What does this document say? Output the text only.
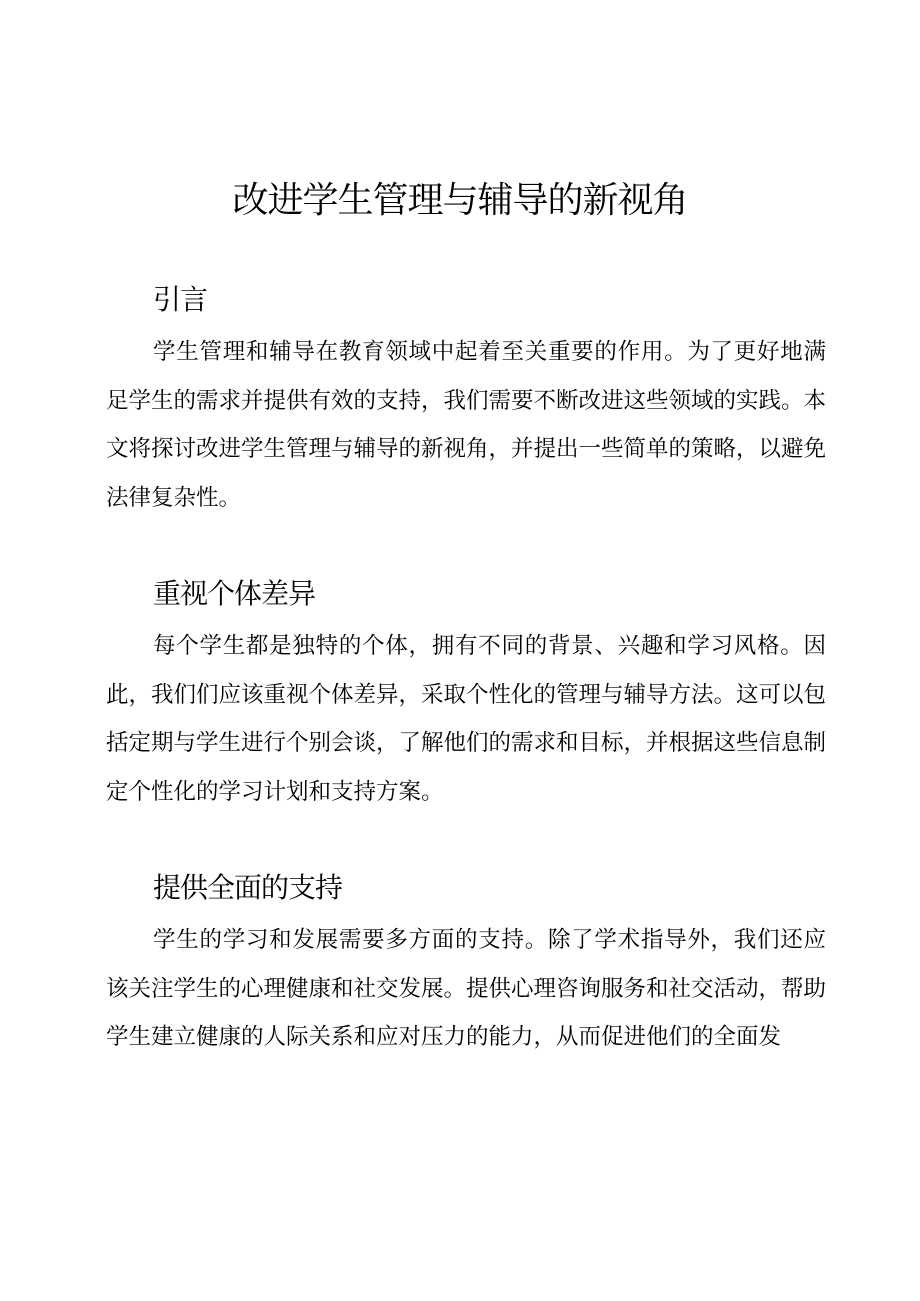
改进学生管理与辅导的新视角
引言

学生管理和辅导在教育领域中起着至关重要的作用。为了更好地满足学生的需求并提供有效的支持，我们需要不断改进这些领域的实践。本文将探讨改进学生管理与辅导的新视角，并提出一些简单的策略，以避免法律复杂性。

重视个体差异

每个学生都是独特的个体，拥有不同的背景、兴趣和学习风格。因此，我们们应该重视个体差异，采取个性化的管理与辅导方法。这可以包括定期与学生进行个别会谈，了解他们的需求和目标，并根据这些信息制定个性化的学习计划和支持方案。

提供全面的支持

学生的学习和发展需要多方面的支持。除了学术指导外，我们还应该关注学生的心理健康和社交发展。提供心理咨询服务和社交活动，帮助学生建立健康的人际关系和应对压力的能力，从而促进他们的全面发
